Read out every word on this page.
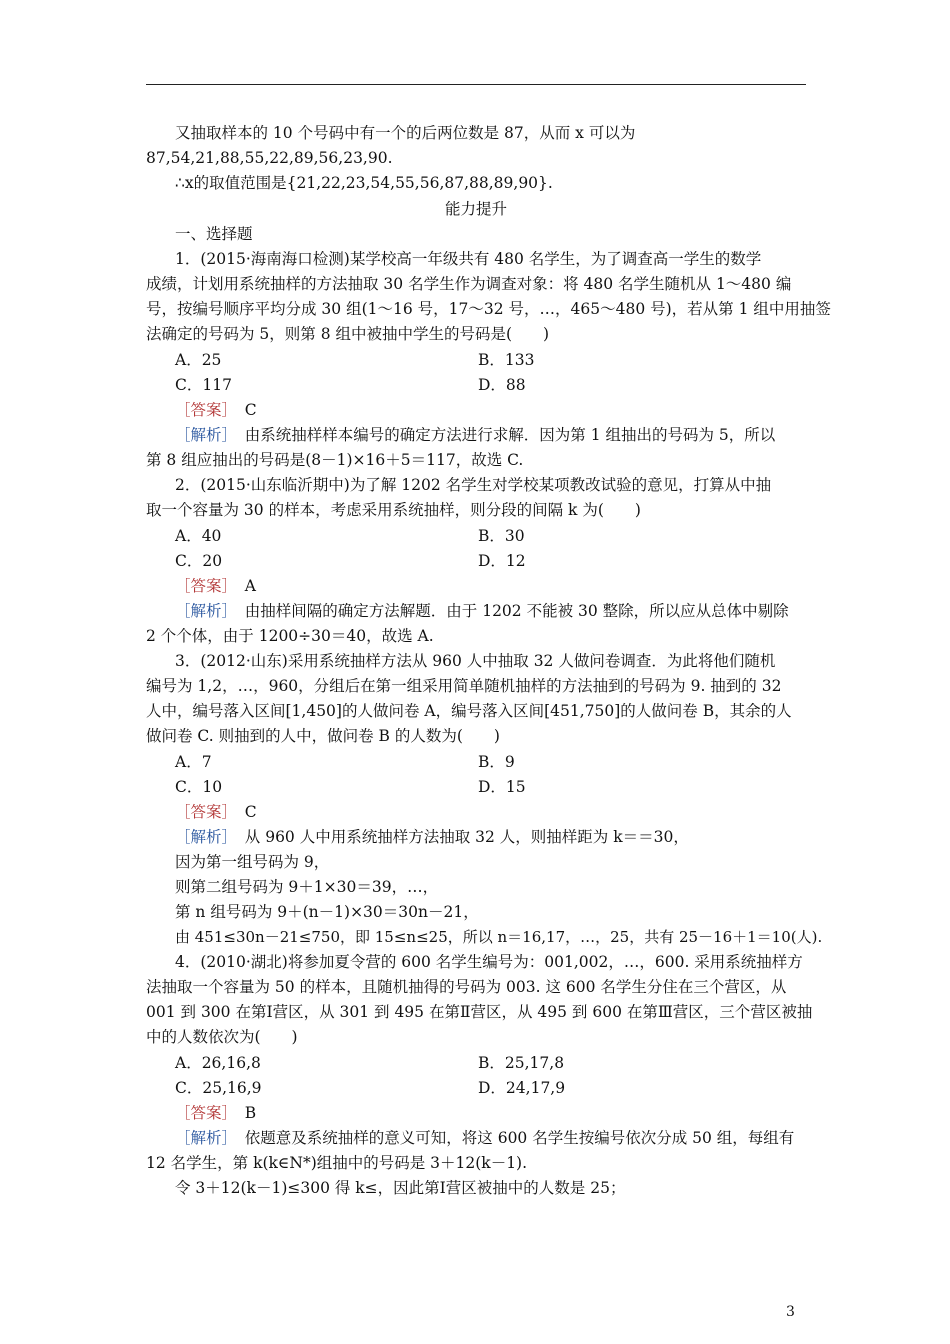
又抽取样本的 10 个号码中有一个的后两位数是 87，从而 x 可以为
87,54,21,88,55,22,89,56,23,90.
∴x的取值范围是{21,22,23,54,55,56,87,88,89,90}.
能力提升
一、选择题
1．(2015·海南海口检测)某学校高一年级共有 480 名学生，为了调查高一学生的数学
成绩，计划用系统抽样的方法抽取 30 名学生作为调查对象：将 480 名学生随机从 1～480 编
号，按编号顺序平均分成 30 组(1～16 号，17～32 号，…，465～480 号)，若从第 1 组中用抽签
法确定的号码为 5，则第 8 组中被抽中学生的号码是(　　)
A．25	B．133
C．117	D．88
［答案］　 C
［解析］　 由系统抽样样本编号的确定方法进行求解．因为第 1 组抽出的号码为 5，所以
第 8 组应抽出的号码是(8－1)×16＋5＝117，故选 C.
2．(2015·山东临沂期中)为了解 1202 名学生对学校某项教改试验的意见，打算从中抽
取一个容量为 30 的样本，考虑采用系统抽样，则分段的间隔 k 为(　　)
A．40	B．30
C．20	D．12
［答案］　 A
［解析］　 由抽样间隔的确定方法解题．由于 1202 不能被 30 整除，所以应从总体中剔除
2 个个体，由于 1200÷30＝40，故选 A.
3．(2012·山东)采用系统抽样方法从 960 人中抽取 32 人做问卷调查．为此将他们随机
编号为 1,2，…，960，分组后在第一组采用简单随机抽样的方法抽到的号码为 9. 抽到的 32
人中，编号落入区间[1,450]的人做问卷 A，编号落入区间[451,750]的人做问卷 B，其余的人
做问卷 C. 则抽到的人中，做问卷 B 的人数为(　　)
A．7	B．9
C．10	D．15
［答案］　 C
［解析］　 从 960 人中用系统抽样方法抽取 32 人，则抽样距为 k＝＝30，
因为第一组号码为 9，
则第二组号码为 9＋1×30＝39，…，
第 n 组号码为 9＋(n－1)×30＝30n－21，
由 451≤30n－21≤750，即 15≤n≤25，所以 n＝16,17，…，25，共有 25－16＋1＝10(人).
4．(2010·湖北)将参加夏令营的 600 名学生编号为：001,002，…，600. 采用系统抽样方
法抽取一个容量为 50 的样本，且随机抽得的号码为 003. 这 600 名学生分住在三个营区，从
001 到 300 在第Ⅰ营区，从 301 到 495 在第Ⅱ营区，从 495 到 600 在第Ⅲ营区，三个营区被抽
中的人数依次为(　　)
A．26,16,8	B．25,17,8
C．25,16,9	D．24,17,9
［答案］　 B
［解析］　 依题意及系统抽样的意义可知，将这 600 名学生按编号依次分成 50 组，每组有
12 名学生，第 k(k∈N*)组抽中的号码是 3＋12(k－1).
令 3＋12(k－1)≤300 得 k≤，因此第Ⅰ营区被抽中的人数是 25；
3
